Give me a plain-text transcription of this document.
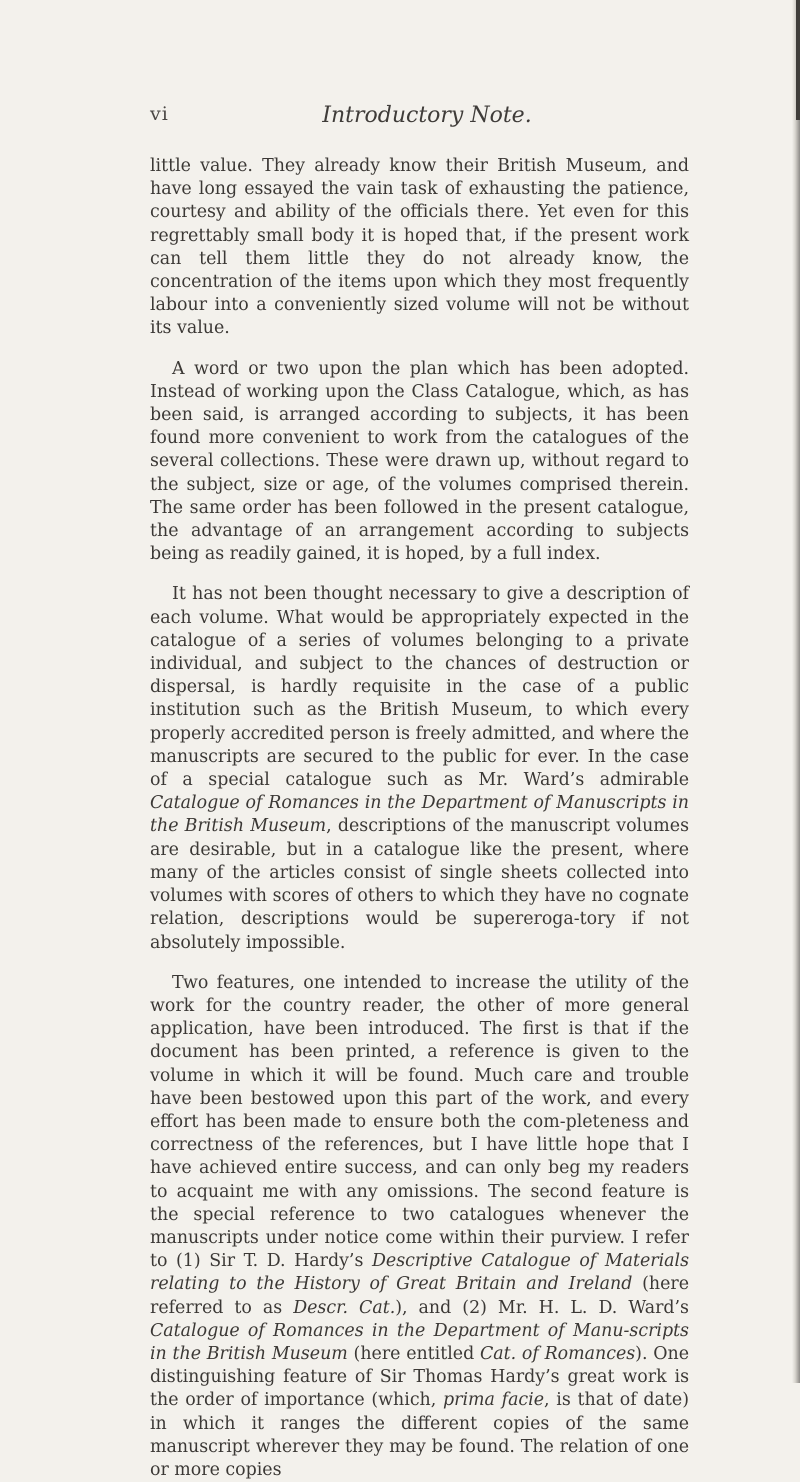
vi	Introductory Note.

little value. They already know their British Museum, and have long essayed the vain task of exhausting the patience, courtesy and ability of the officials there. Yet even for this regrettably small body it is hoped that, if the present work can tell them little they do not already know, the concentration of the items upon which they most frequently labour into a conveniently sized volume will not be without its value.

A word or two upon the plan which has been adopted. Instead of working upon the Class Catalogue, which, as has been said, is arranged according to subjects, it has been found more convenient to work from the catalogues of the several collections. These were drawn up, without regard to the subject, size or age, of the volumes comprised therein. The same order has been followed in the present catalogue, the advantage of an arrangement according to subjects being as readily gained, it is hoped, by a full index.

It has not been thought necessary to give a description of each volume. What would be appropriately expected in the catalogue of a series of volumes belonging to a private individual, and subject to the chances of destruction or dispersal, is hardly requisite in the case of a public institution such as the British Museum, to which every properly accredited person is freely admitted, and where the manuscripts are secured to the public for ever. In the case of a special catalogue such as Mr. Ward’s admirable Catalogue of Romances in the Department of Manuscripts in the British Museum, descriptions of the manuscript volumes are desirable, but in a catalogue like the present, where many of the articles consist of single sheets collected into volumes with scores of others to which they have no cognate relation, descriptions would be supereroga-tory if not absolutely impossible.

Two features, one intended to increase the utility of the work for the country reader, the other of more general application, have been introduced. The first is that if the document has been printed, a reference is given to the volume in which it will be found. Much care and trouble have been bestowed upon this part of the work, and every effort has been made to ensure both the com-pleteness and correctness of the references, but I have little hope that I have achieved entire success, and can only beg my readers to acquaint me with any omissions. The second feature is the special reference to two catalogues whenever the manuscripts under notice come within their purview. I refer to (1) Sir T. D. Hardy’s Descriptive Catalogue of Materials relating to the History of Great Britain and Ireland (here referred to as Descr. Cat.), and (2) Mr. H. L. D. Ward’s Catalogue of Romances in the Department of Manu-scripts in the British Museum (here entitled Cat. of Romances). One distinguishing feature of Sir Thomas Hardy’s great work is the order of importance (which, prima facie, is that of date) in which it ranges the different copies of the same manuscript wherever they may be found. The relation of one or more copies
